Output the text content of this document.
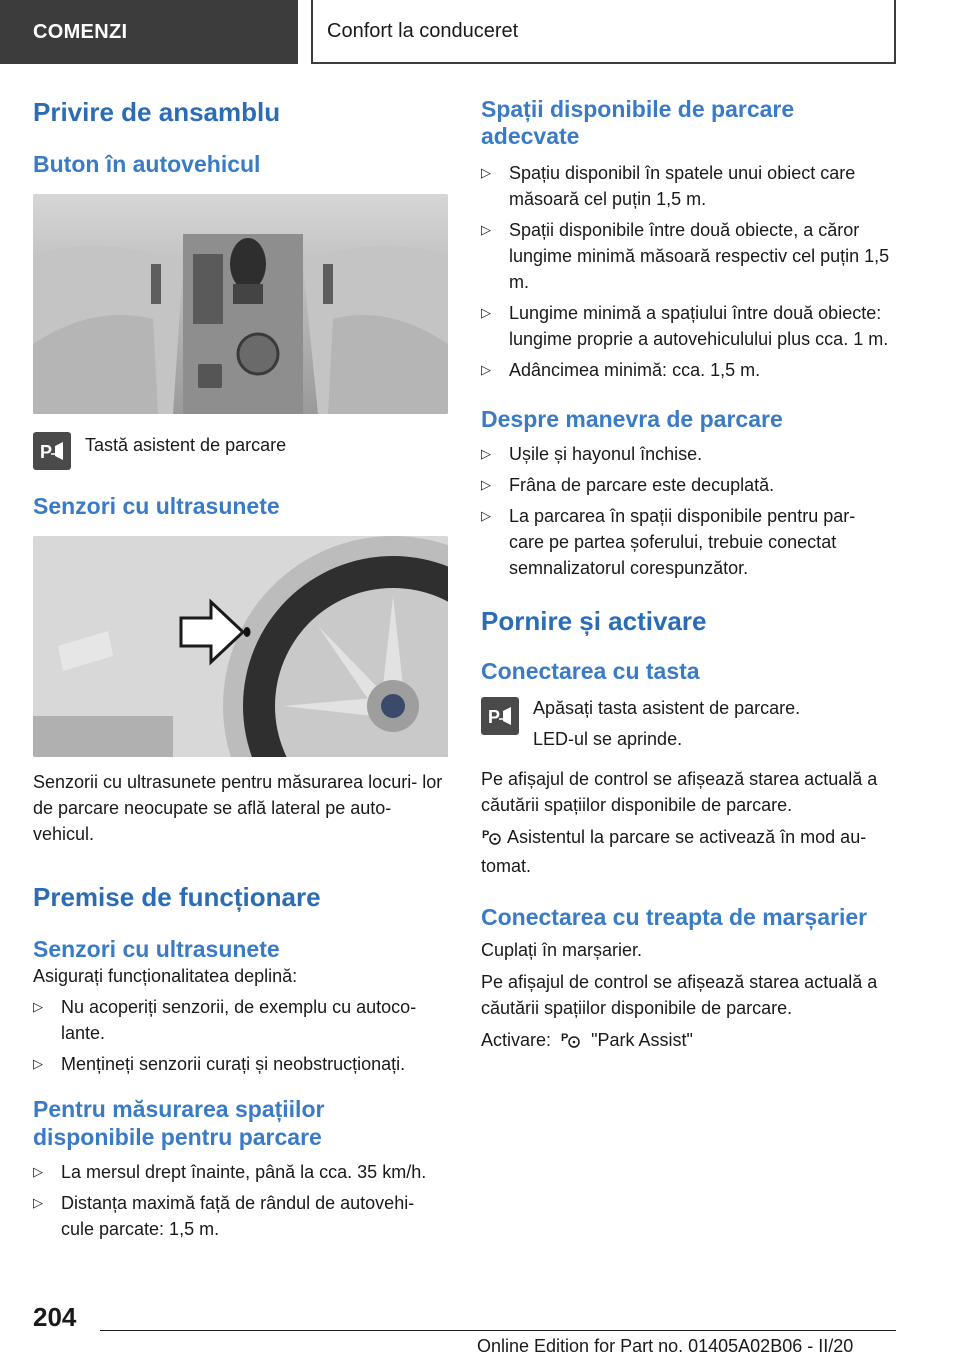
COMENZI	Confort la conduceret
Privire de ansamblu
Buton în autovehicul
P Tastă asistent de parcare
Senzori cu ultrasunete

Senzorii cu ultrasunete pentru măsurarea locuri- lor de parcare neocupate se află lateral pe auto- vehicul.

Premise de funcționare
Senzori cu ultrasunete

Asigurați funcționalitatea deplină:

▷ Nu acoperiți senzorii, de exemplu cu autoco- lante.
▷ Mențineți senzorii curați și neobstrucționați.
Pentru măsurarea spațiilor disponibile pentru parcare
▷ La mersul drept înainte, până la cca. 35 km/h.
▷ Distanța maximă față de rândul de autovehi- cule parcate: 1,5 m.
Spații disponibile de parcare adecvate
▷ Spațiu disponibil în spatele unui obiect care măsoară cel puțin 1,5 m.
▷ Spații disponibile între două obiecte, a căror lungime minimă măsoară respectiv cel puțin 1,5 m.
▷ Lungime minimă a spațiului între două obiecte: lungime proprie a autovehiculului plus cca. 1 m.
▷ Adâncimea minimă: cca. 1,5 m.
Despre manevra de parcare
▷ Ușile și hayonul închise.
▷ Frâna de parcare este decuplată.
▷ La parcarea în spații disponibile pentru par- care pe partea șoferului, trebuie conectat semnalizatorul corespunzător.
Pornire și activare
Conectarea cu tasta
P Apăsați tasta asistent de parcare.

LED-ul se aprinde.

Pe afișajul de control se afișează starea actuală a căutării spațiilor disponibile de parcare.

P Asistentul la parcare se activează în mod au- tomat.

Conectarea cu treapta de marșarier

Cuplați în marșarier.

Pe afișajul de control se afișează starea actuală a căutării spațiilor disponibile de parcare.

Activare: P "Park Assist"

204
Online Edition for Part no. 01405A02B06 - II/20
